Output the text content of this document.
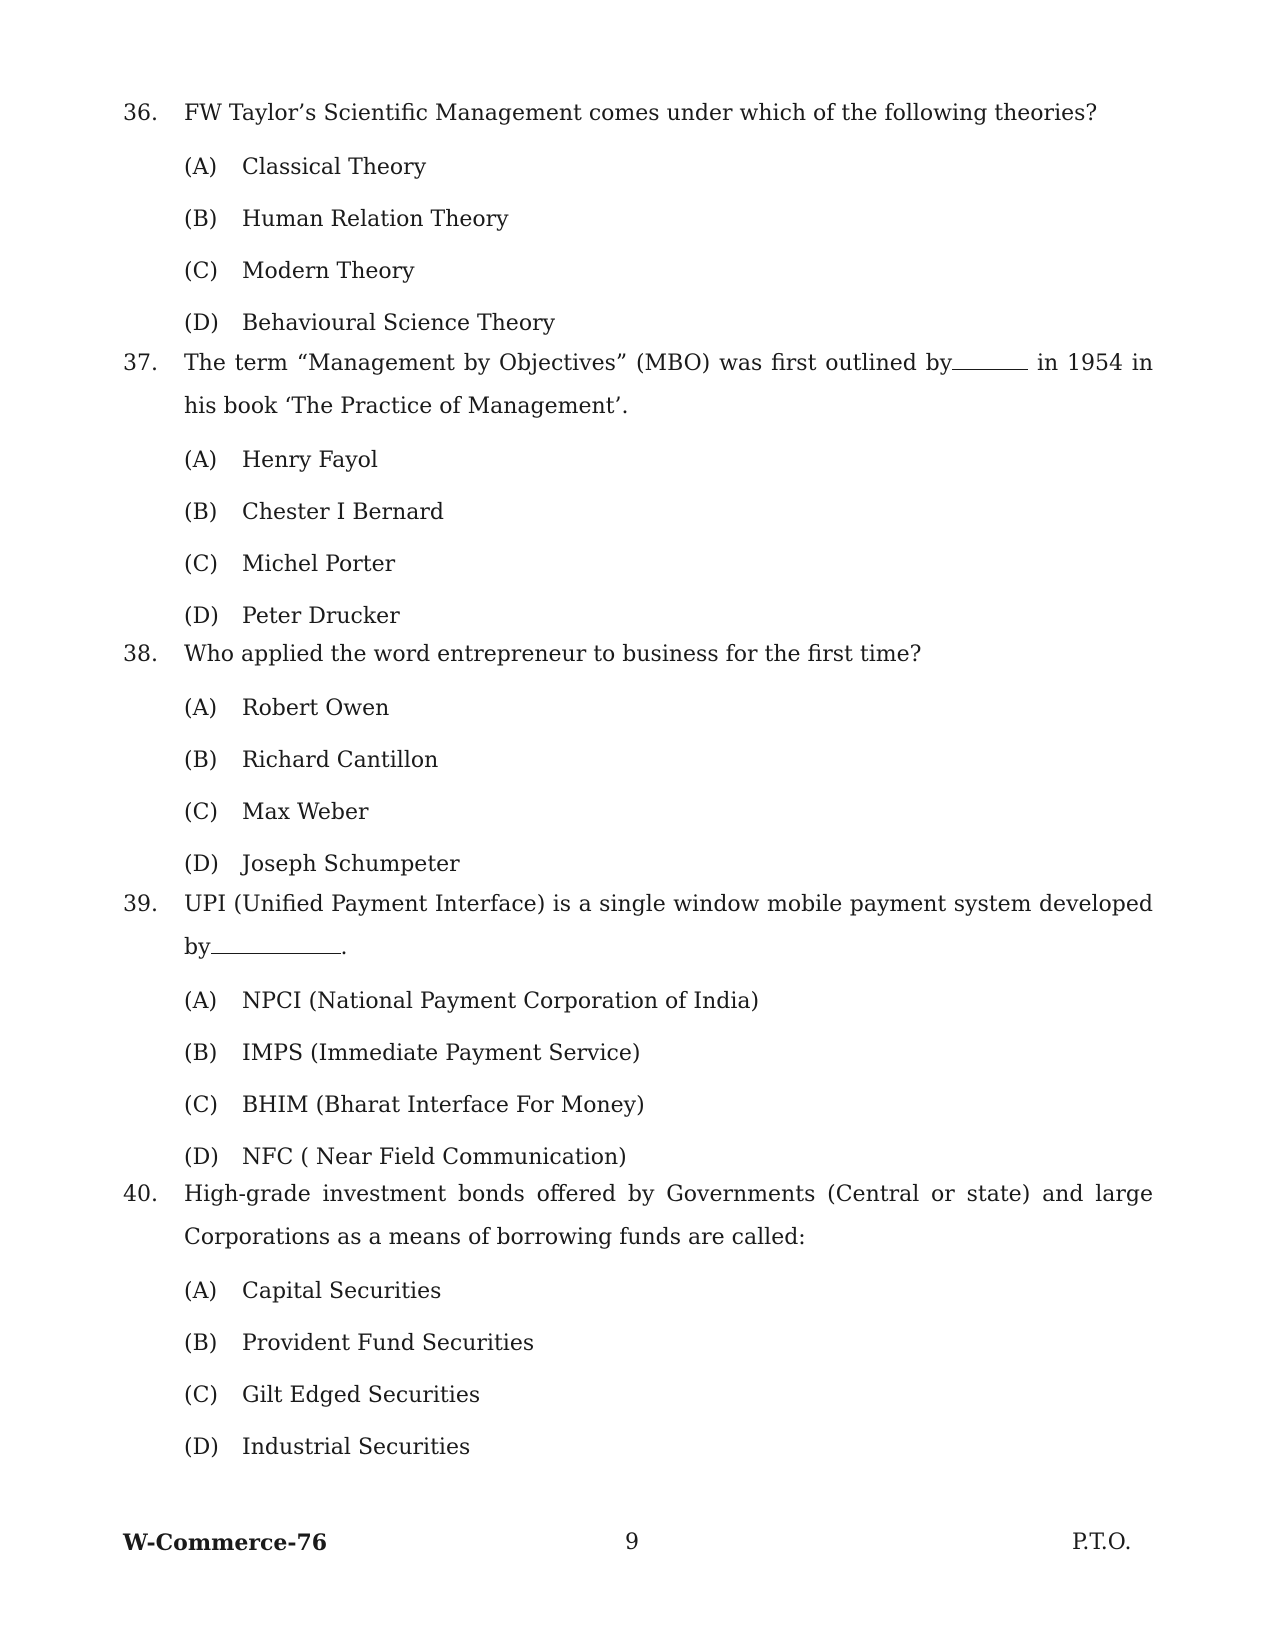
36.	FW Taylor’s Scientific Management comes under which of the following theories?
(A) Classical Theory
(B) Human Relation Theory
(C) Modern Theory
(D) Behavioural Science Theory
37.	The term “Management by Objectives” (MBO) was first outlined by	in 1954 in his book ‘The Practice of Management’.
(A) Henry Fayol
(B) Chester I Bernard
(C) Michel Porter
(D) Peter Drucker
38.	Who applied the word entrepreneur to business for the first time?
(A) Robert Owen
(B) Richard Cantillon
(C) Max Weber
(D) Joseph Schumpeter
39.	UPI (Unified Payment Interface) is a single window mobile payment system developed by	.
(A) NPCI (National Payment Corporation of India)
(B) IMPS (Immediate Payment Service)
(C) BHIM (Bharat Interface For Money)
(D) NFC ( Near Field Communication)
40.	High-grade investment bonds offered by Governments (Central or state) and large Corporations as a means of borrowing funds are called:
(A) Capital Securities
(B) Provident Fund Securities
(C) Gilt Edged Securities
(D) Industrial Securities
W-Commerce-76	9	P.T.O.
